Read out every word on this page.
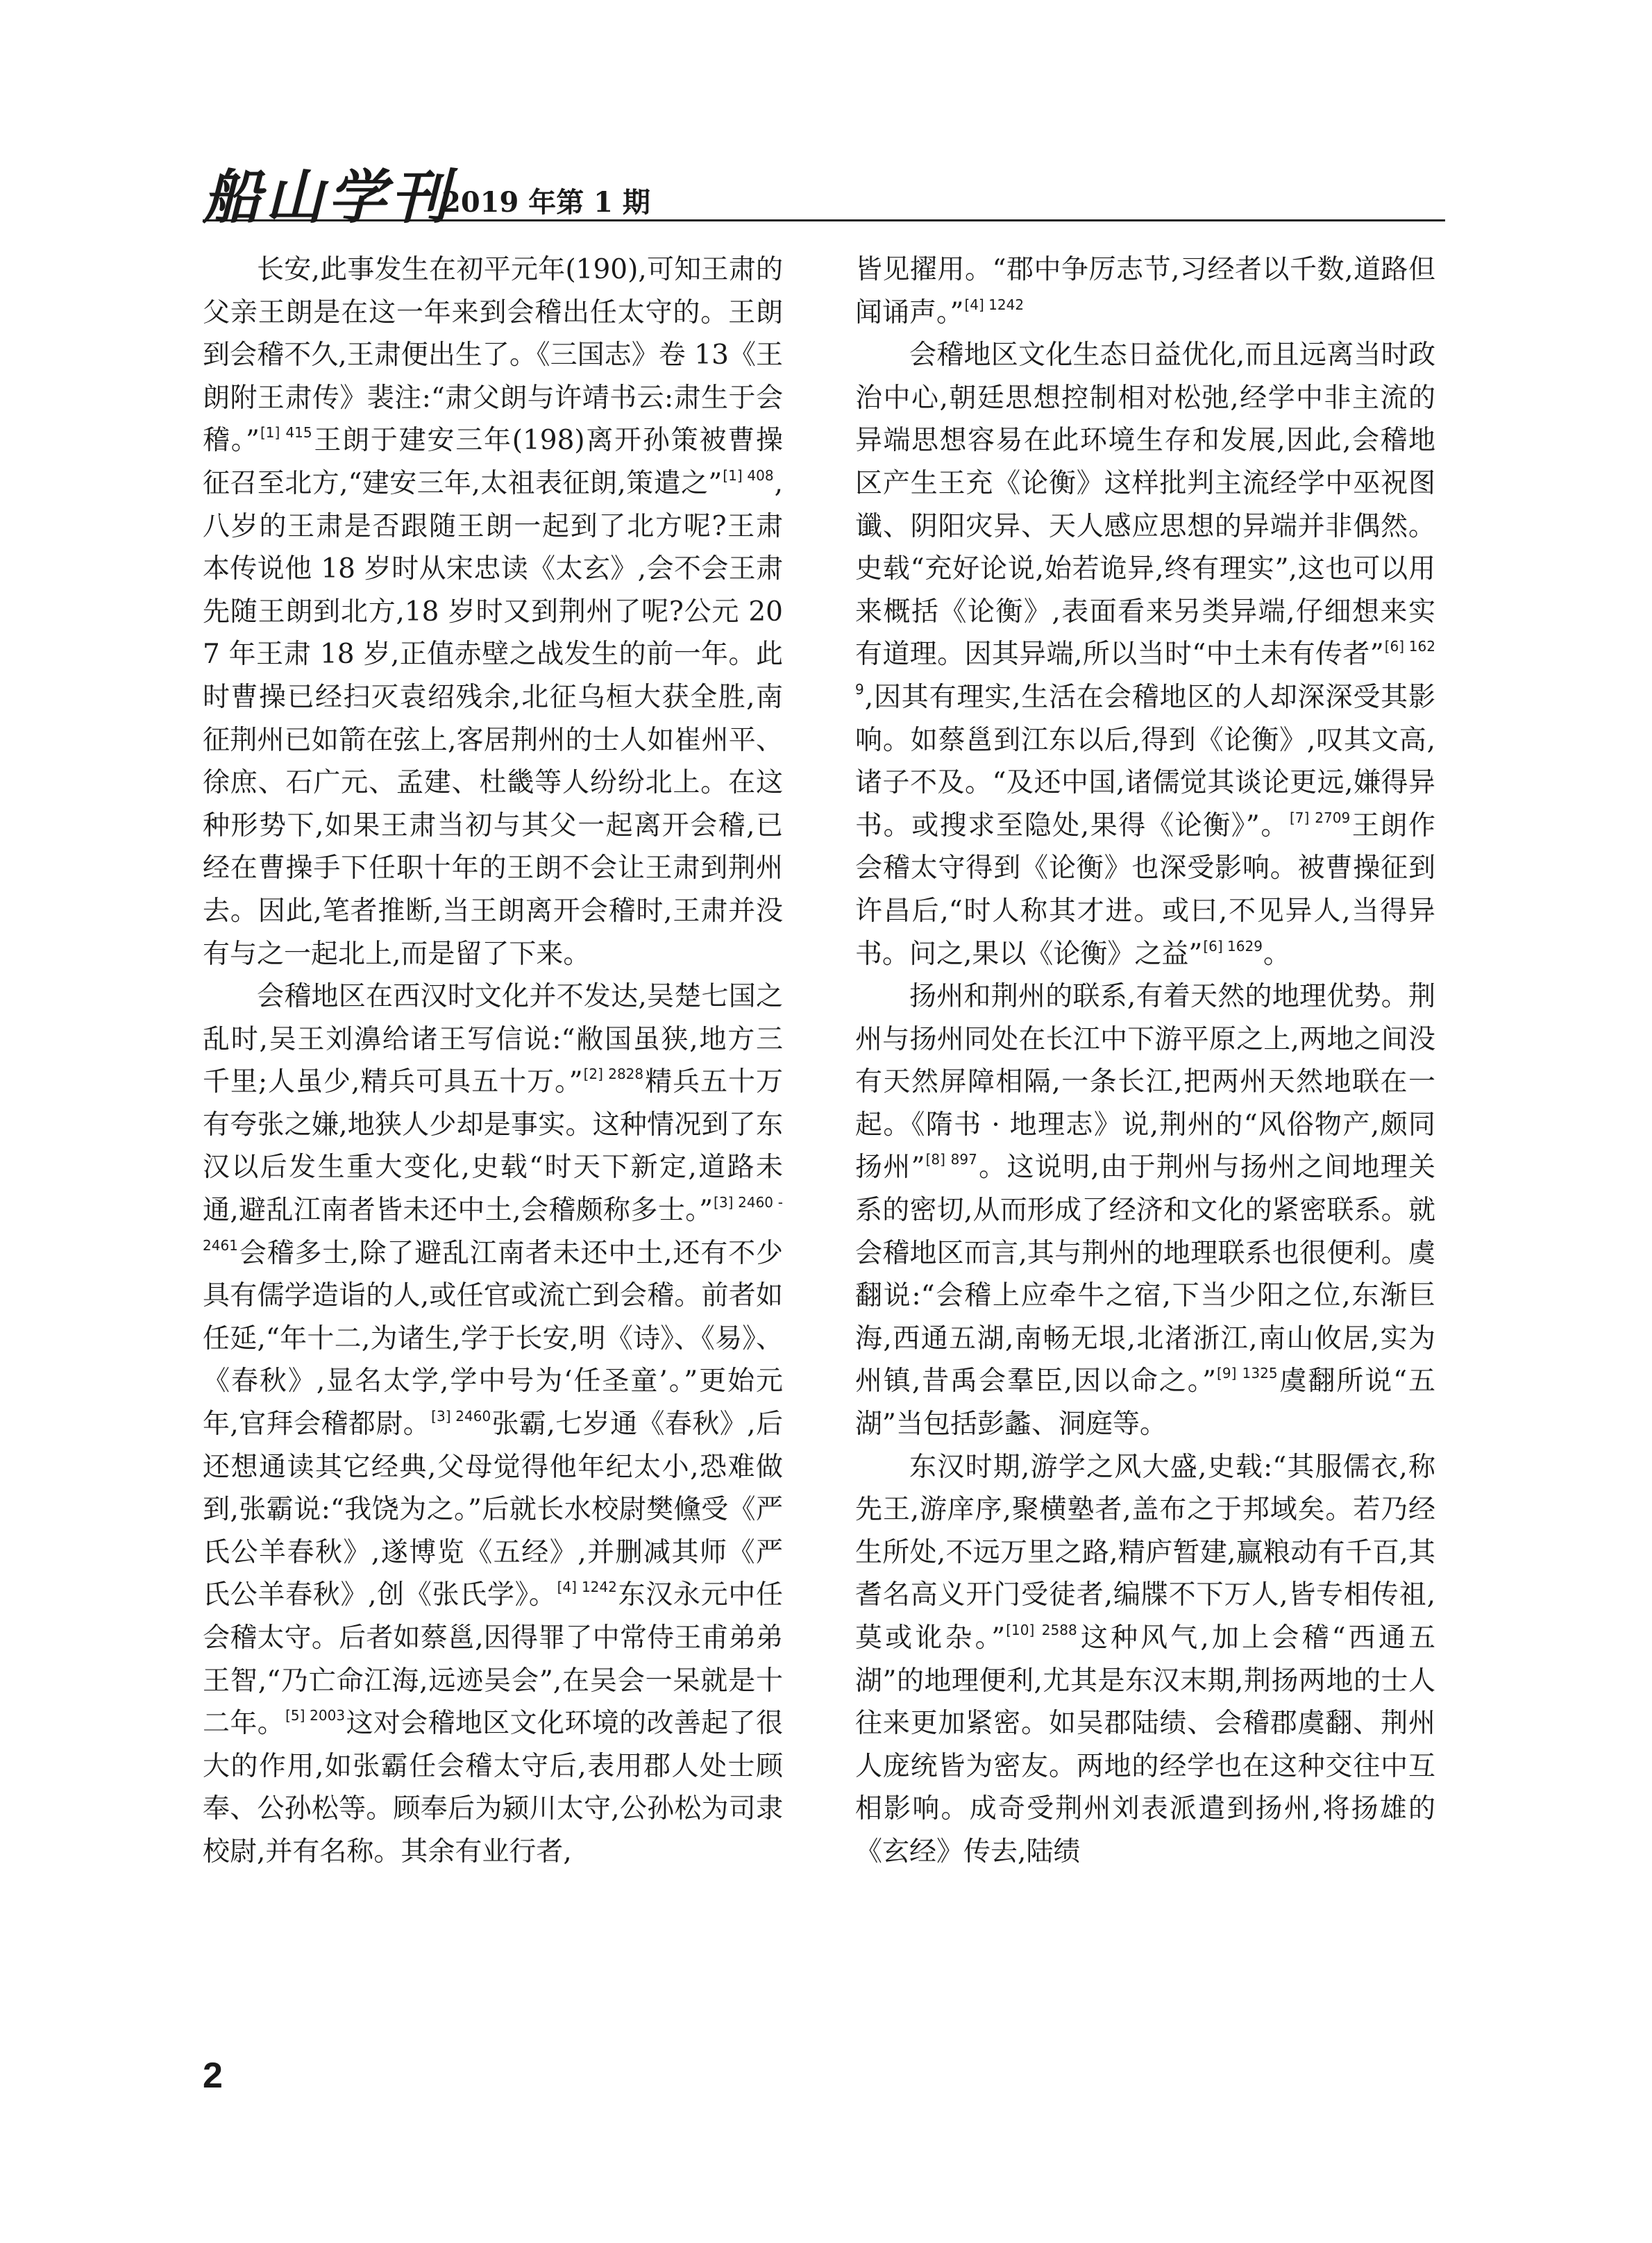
船山学刊
2019 年第 1 期

长安,此事发生在初平元年(190),可知王肃的父亲王朗是在这一年来到会稽出任太守的。王朗到会稽不久,王肃便出生了。《三国志》卷 13《王朗附王肃传》裴注:“肃父朗与许靖书云:肃生于会稽。”$^{[1] 415}$王朗于建安三年(198)离开孙策被曹操征召至北方,“建安三年,太祖表征朗,策遣之”$^{[1] 408}$,八岁的王肃是否跟随王朗一起到了北方呢?王肃本传说他 18 岁时从宋忠读《太玄》,会不会王肃先随王朗到北方,18 岁时又到荆州了呢?公元 207 年王肃 18 岁,正值赤壁之战发生的前一年。此时曹操已经扫灭袁绍残余,北征乌桓大获全胜,南征荆州已如箭在弦上,客居荆州的士人如崔州平、徐庶、石广元、孟建、杜畿等人纷纷北上。在这种形势下,如果王肃当初与其父一起离开会稽,已经在曹操手下任职十年的王朗不会让王肃到荆州去。因此,笔者推断,当王朗离开会稽时,王肃并没有与之一起北上,而是留了下来。

会稽地区在西汉时文化并不发达,吴楚七国之乱时,吴王刘濞给诸王写信说:“敝国虽狭,地方三千里;人虽少,精兵可具五十万。”$^{[2] 2828}$精兵五十万有夸张之嫌,地狭人少却是事实。这种情况到了东汉以后发生重大变化,史载“时天下新定,道路未通,避乱江南者皆未还中土,会稽颇称多士。”$^{[3] 2460 - 2461}$会稽多士,除了避乱江南者未还中土,还有不少具有儒学造诣的人,或任官或流亡到会稽。前者如任延,“年十二,为诸生,学于长安,明《诗》、《易》、《春秋》,显名太学,学中号为‘任圣童’。”更始元年,官拜会稽都尉。$^{[3] 2460}$张霸,七岁通《春秋》,后还想通读其它经典,父母觉得他年纪太小,恐难做到,张霸说:“我饶为之。”后就长水校尉樊儵受《严氏公羊春秋》,遂博览《五经》,并删减其师《严氏公羊春秋》,创《张氏学》。$^{[4] 1242}$东汉永元中任会稽太守。后者如蔡邕,因得罪了中常侍王甫弟弟王智,“乃亡命江海,远迹吴会”,在吴会一呆就是十二年。$^{[5] 2003}$这对会稽地区文化环境的改善起了很大的作用,如张霸任会稽太守后,表用郡人处士顾奉、公孙松等。顾奉后为颍川太守,公孙松为司隶校尉,并有名称。其余有业行者,

皆见擢用。“郡中争厉志节,习经者以千数,道路但闻诵声。”$^{[4] 1242}$

会稽地区文化生态日益优化,而且远离当时政治中心,朝廷思想控制相对松弛,经学中非主流的异端思想容易在此环境生存和发展,因此,会稽地区产生王充《论衡》这样批判主流经学中巫祝图谶、阴阳灾异、天人感应思想的异端并非偶然。史载“充好论说,始若诡异,终有理实”,这也可以用来概括《论衡》,表面看来另类异端,仔细想来实有道理。因其异端,所以当时“中土未有传者”$^{[6] 1629}$,因其有理实,生活在会稽地区的人却深深受其影响。如蔡邕到江东以后,得到《论衡》,叹其文高,诸子不及。“及还中国,诸儒觉其谈论更远,嫌得异书。或搜求至隐处,果得《论衡》”。$^{[7] 2709}$王朗作会稽太守得到《论衡》也深受影响。被曹操征到许昌后,“时人称其才进。或曰,不见异人,当得异书。问之,果以《论衡》之益”$^{[6] 1629}$。

扬州和荆州的联系,有着天然的地理优势。荆州与扬州同处在长江中下游平原之上,两地之间没有天然屏障相隔,一条长江,把两州天然地联在一起。《隋书 · 地理志》说,荆州的“风俗物产,颇同扬州”$^{[8] 897}$。这说明,由于荆州与扬州之间地理关系的密切,从而形成了经济和文化的紧密联系。就会稽地区而言,其与荆州的地理联系也很便利。虞翻说:“会稽上应牵牛之宿,下当少阳之位,东渐巨海,西通五湖,南畅无垠,北渚浙江,南山攸居,实为州镇,昔禹会羣臣,因以命之。”$^{[9] 1325}$虞翻所说“五湖”当包括彭蠡、洞庭等。

东汉时期,游学之风大盛,史载:“其服儒衣,称先王,游庠序,聚横塾者,盖布之于邦域矣。若乃经生所处,不远万里之路,精庐暂建,赢粮动有千百,其耆名高义开门受徒者,编牒不下万人,皆专相传祖,莫或讹杂。”$^{[10] 2588}$这种风气,加上会稽“西通五湖”的地理便利,尤其是东汉末期,荆扬两地的士人往来更加紧密。如吴郡陆绩、会稽郡虞翻、荆州人庞统皆为密友。两地的经学也在这种交往中互相影响。成奇受荆州刘表派遣到扬州,将扬雄的《玄经》传去,陆绩

2
